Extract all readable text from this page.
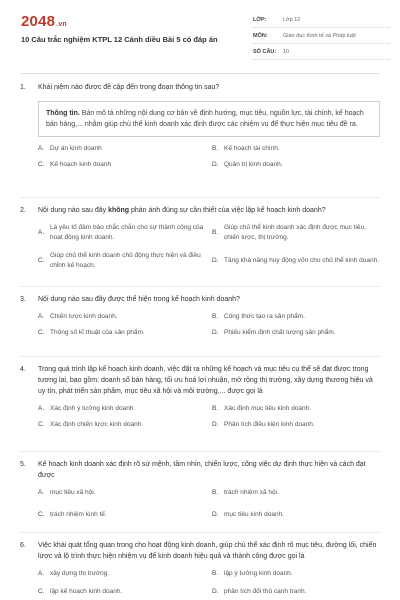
2048.vn
10 Câu trắc nghiệm KTPL 12 Cánh diều Bài 5 có đáp án
LỚP:	Lớp 12
MÔN:	Giáo dục Kinh tế và Pháp luật
SỐ CÂU:	10
1.	Khái niệm nào được đề cập đến trong đoạn thông tin sau?
Thông tin. Bản mô tả những nội dung cơ bản về định hướng, mục tiêu, nguồn lực, tài chính, kế hoạch bán hàng,... nhằm giúp chủ thể kinh doanh xác định được các nhiệm vụ để thực hiện mục tiêu đề ra.
A. Dự án kinh doanh	B. Kế hoạch tài chính.
C. Kế hoạch kinh doanh	D. Quản trị kinh doanh.
2.	Nội dung nào sau đây không phản ánh đúng sự cần thiết của việc lập kế hoạch kinh doanh?
A.
Là yêu tố đảm bảo chắc chắn cho sự thành công của hoạt động kinh doanh.
B.
Giúp chủ thể kinh doanh xác định được mục tiêu, chiến lược, thị trường.
C.
Giúp chủ thể kinh doanh chủ động thực hiện và điều chỉnh kế hoạch.
D. Tăng khả năng huy động vốn cho chủ thể kinh doanh.
3.	Nội dung nào sau đây được thể hiện trong kế hoạch kinh doanh?
A. Chiến lược kinh doanh.	B. Công thức tạo ra sản phẩm.
C. Thông số kĩ thuật của sản phẩm.	D. Phiếu kiểm định chất lượng sản phẩm.
4.	Trong quá trình lập kế hoạch kinh doanh, việc đặt ra những kế hoạch và mục tiêu cụ thể sẽ đạt được trong tương lai, bao gồm: doanh số bán hàng, tối ưu hoá lợi nhuận, mở rộng thị trường, xây dựng thương hiệu và uy tín, phát triển sản phẩm, mục tiêu xã hội và môi trường,... được gọi là
A. Xác định ý tưởng kinh doanh.	B. Xác định mục tiêu kinh doanh.
C. Xác định chiến lược kinh doanh.	D. Phân tích điều kiện kinh doanh.
5.	Kế hoạch kinh doanh xác định rõ sứ mệnh, tầm nhìn, chiến lược, công việc dự định thực hiện và cách đạt được
A. mục tiêu xã hội.	B. trách nhiệm xã hội.
C. trách nhiệm kinh tế.	D. mục tiêu kinh doanh.
6.	Việc khái quát tổng quan trong cho hoạt động kinh doanh, giúp chủ thể xác định rõ mục tiêu, đường lối, chiến lược và lộ trình thực hiện nhiệm vụ để kinh doanh hiệu quả và thành công được gọi là
A. xây dựng thị trường.	B. lập ý tưởng kinh doanh.
C. lập kế hoạch kinh doanh.	D. phân tích đối thủ cạnh tranh.
